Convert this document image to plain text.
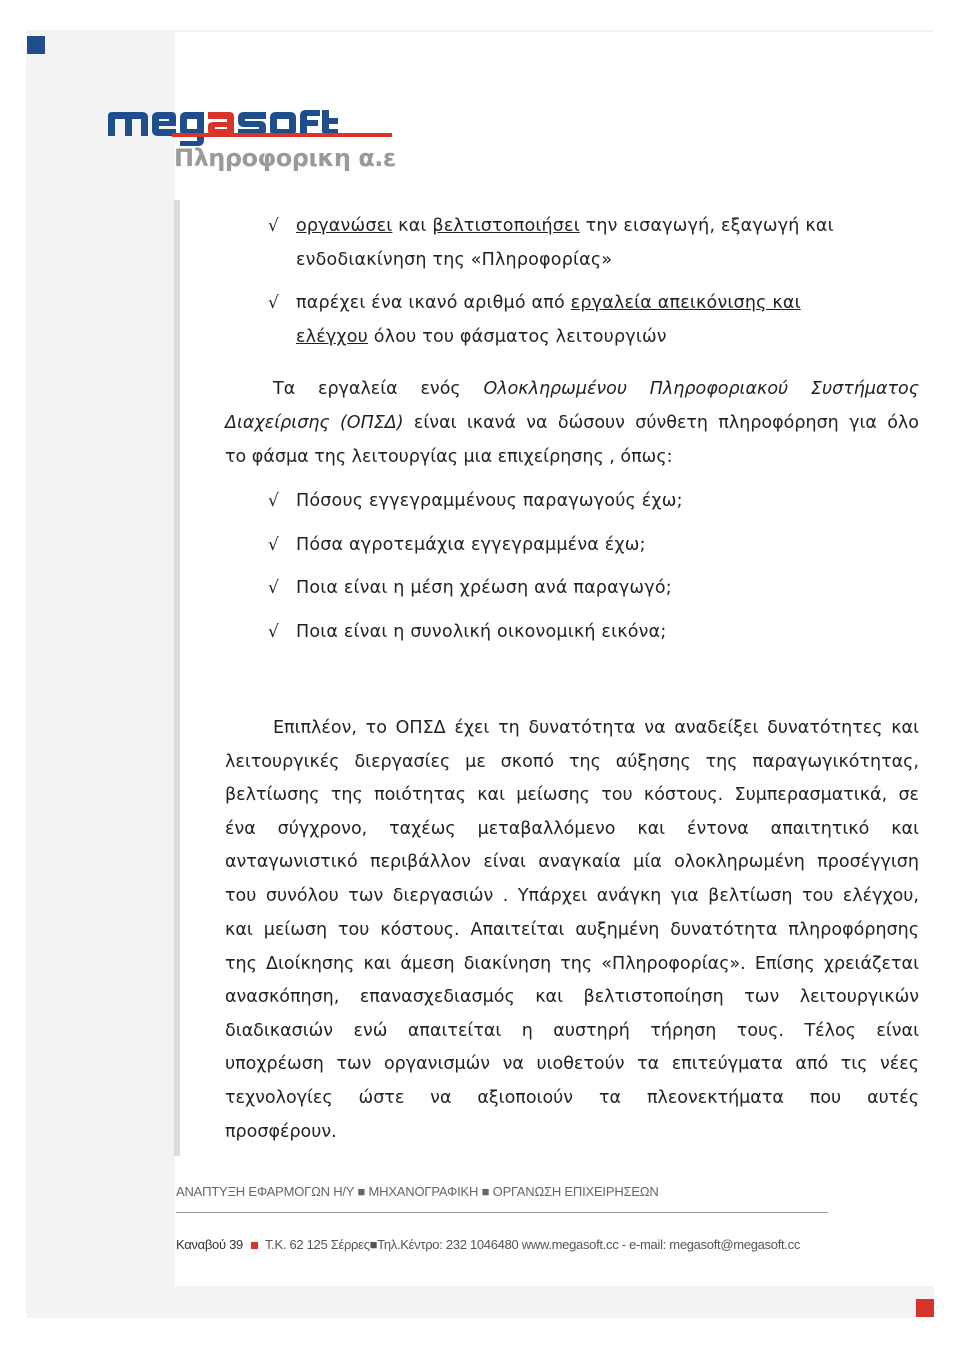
Πληροφορικη α.ε
√ οργανώσει και βελτιστοποιήσει την εισαγωγή, εξαγωγή και
ενδοδιακίνηση της «Πληροφορίας»
√ παρέχει ένα ικανό αριθμό από εργαλεία απεικόνισης και
ελέγχου όλου του φάσματος λειτουργιών
Τα εργαλεία ενός Ολοκληρωμένου Πληροφοριακού Συστήματος
Διαχείρισης (ΟΠΣΔ) είναι ικανά να δώσουν σύνθετη πληροφόρηση για όλο
το φάσμα της λειτουργίας μια επιχείρησης , όπως:
√ Πόσους εγγεγραμμένους παραγωγούς έχω;
√ Πόσα αγροτεμάχια εγγεγραμμένα έχω;
√ Ποια είναι η μέση χρέωση ανά παραγωγό;
√ Ποια είναι η συνολική οικονομική εικόνα;
Επιπλέον, το ΟΠΣΔ έχει τη δυνατότητα να αναδείξει δυνατότητες και
λειτουργικές διεργασίες με σκοπό της αύξησης της παραγωγικότητας,
βελτίωσης της ποιότητας και μείωσης του κόστους. Συμπερασματικά, σε
ένα σύγχρονο, ταχέως μεταβαλλόμενο και έντονα απαιτητικό και
ανταγωνιστικό περιβάλλον είναι αναγκαία μία ολοκληρωμένη προσέγγιση
του συνόλου των διεργασιών . Υπάρχει ανάγκη για βελτίωση του ελέγχου,
και μείωση του κόστους. Απαιτείται αυξημένη δυνατότητα πληροφόρησης
της Διοίκησης και άμεση διακίνηση της «Πληροφορίας». Επίσης χρειάζεται
ανασκόπηση, επανασχεδιασμός και βελτιστοποίηση των λειτουργικών
διαδικασιών ενώ απαιτείται η αυστηρή τήρηση τους. Τέλος είναι
υποχρέωση των οργανισμών να υιοθετούν τα επιτεύγματα από τις νέες
τεχνολογίες ώστε να αξιοποιούν τα πλεονεκτήματα που αυτές
προσφέρουν.
ΑΝΑΠΤΥΞΗ ΕΦΑΡΜΟΓΩΝ Η/Υ ■ ΜΗΧΑΝΟΓΡΑΦΙΚΗ ■ ΟΡΓΑΝΩΣΗ ΕΠΙΧΕΙΡΗΣΕΩΝ
Καναβού 39 Τ.Κ. 62 125 Σέρρες■Τηλ.Κέντρο: 232 1046480 www.megasoft.cc - e-mail: megasoft@megasoft.cc
